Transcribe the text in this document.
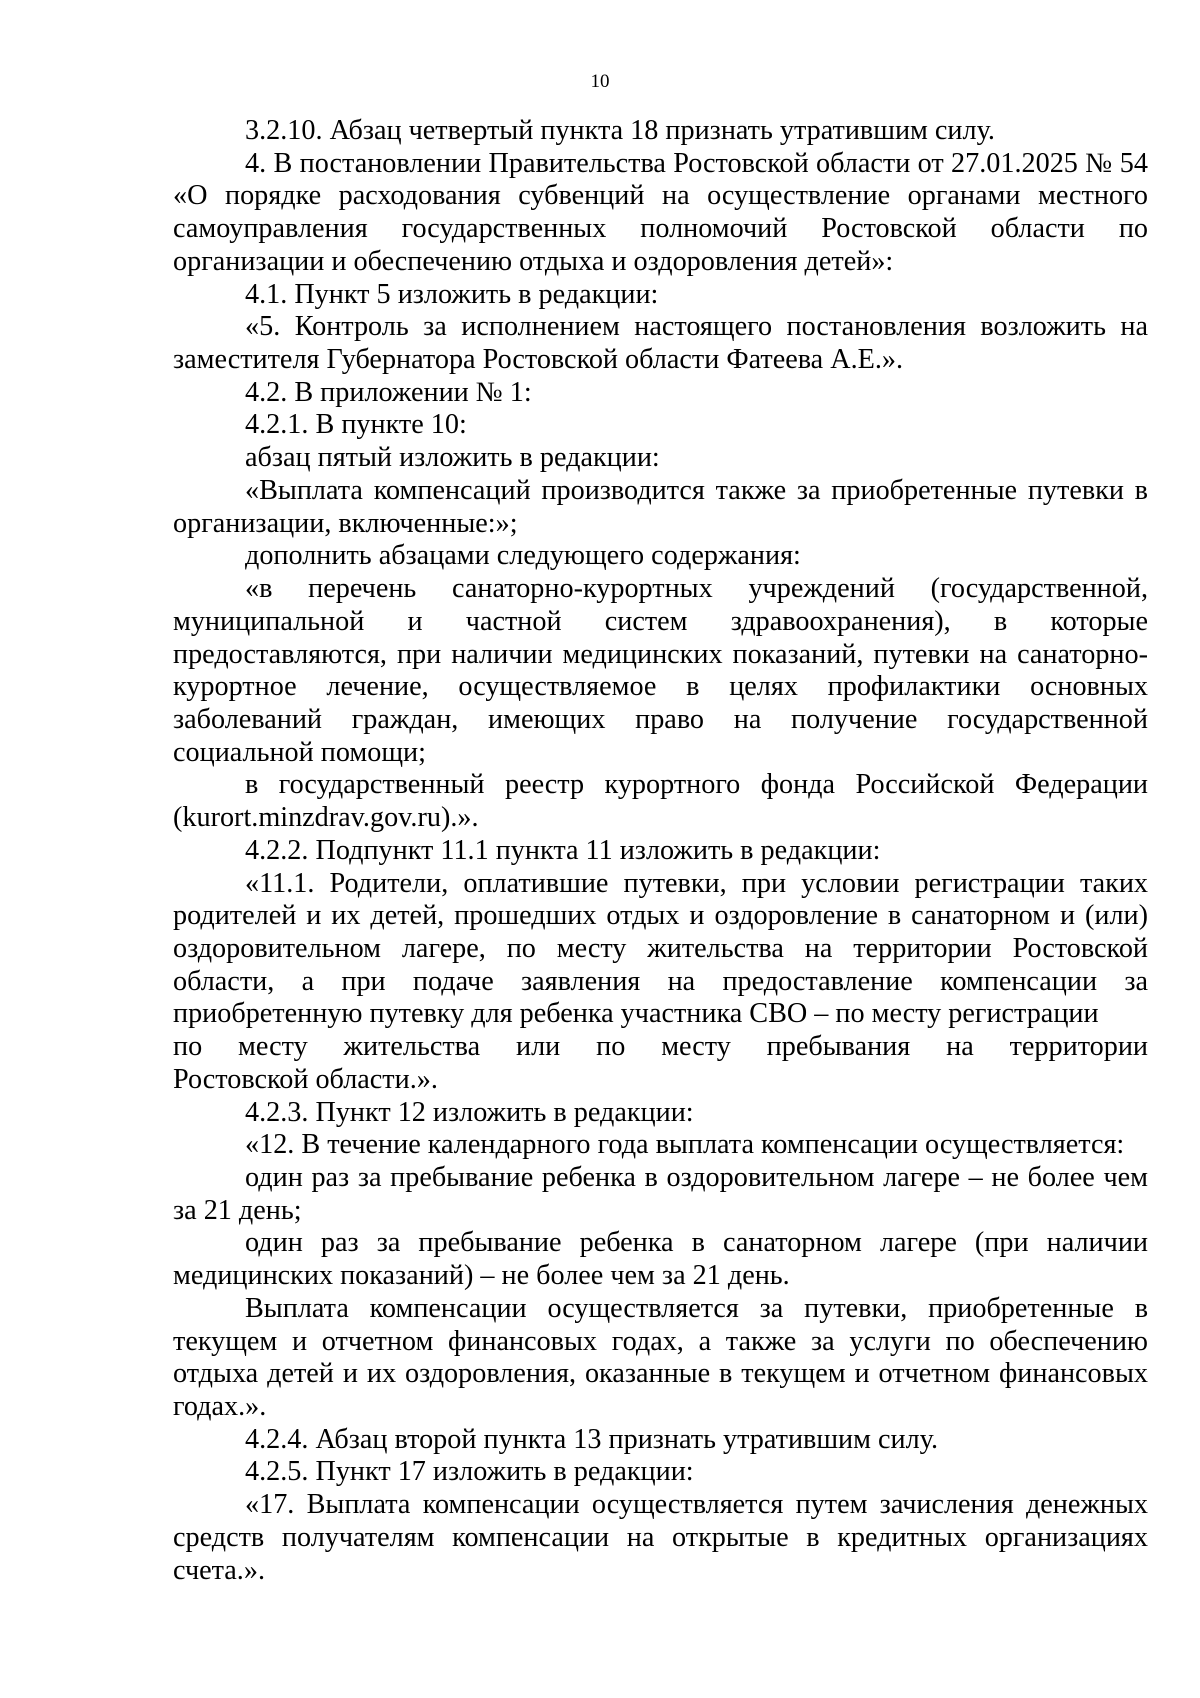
10

3.2.10. Абзац четвертый пункта 18 признать утратившим силу.

4. В постановлении Правительства Ростовской области от 27.01.2025 № 54 «О порядке расходования субвенций на осуществление органами местного самоуправления государственных полномочий Ростовской области по организации и обеспечению отдыха и оздоровления детей»:

4.1. Пункт 5 изложить в редакции:

«5. Контроль за исполнением настоящего постановления возложить на заместителя Губернатора Ростовской области Фатеева А.Е.».

4.2. В приложении № 1:

4.2.1. В пункте 10:

абзац пятый изложить в редакции:

«Выплата компенсаций производится также за приобретенные путевки в организации, включенные:»;

дополнить абзацами следующего содержания:

«в перечень санаторно-курортных учреждений (государственной, муниципальной и частной систем здравоохранения), в которые предоставляются, при наличии медицинских показаний, путевки на санаторно-курортное лечение, осуществляемое в целях профилактики основных заболеваний граждан, имеющих право на получение государственной социальной помощи;

в государственный реестр курортного фонда Российской Федерации (kurort.minzdrav.gov.ru).».

4.2.2. Подпункт 11.1 пункта 11 изложить в редакции:

«11.1. Родители, оплатившие путевки, при условии регистрации таких родителей и их детей, прошедших отдых и оздоровление в санаторном и (или) оздоровительном лагере, по месту жительства на территории Ростовской области, а при подаче заявления на предоставление компенсации за приобретенную путевку для ребенка участника СВО – по месту регистрации

по месту жительства или по месту пребывания на территории

Ростовской области.».

4.2.3. Пункт 12 изложить в редакции:

«12. В течение календарного года выплата компенсации осуществляется:

один раз за пребывание ребенка в оздоровительном лагере – не более чем за 21 день;

один раз за пребывание ребенка в санаторном лагере (при наличии медицинских показаний) – не более чем за 21 день.

Выплата компенсации осуществляется за путевки, приобретенные в текущем и отчетном финансовых годах, а также за услуги по обеспечению отдыха детей и их оздоровления, оказанные в текущем и отчетном финансовых годах.».

4.2.4. Абзац второй пункта 13 признать утратившим силу.

4.2.5. Пункт 17 изложить в редакции:

«17. Выплата компенсации осуществляется путем зачисления денежных средств получателям компенсации на открытые в кредитных организациях счета.».
